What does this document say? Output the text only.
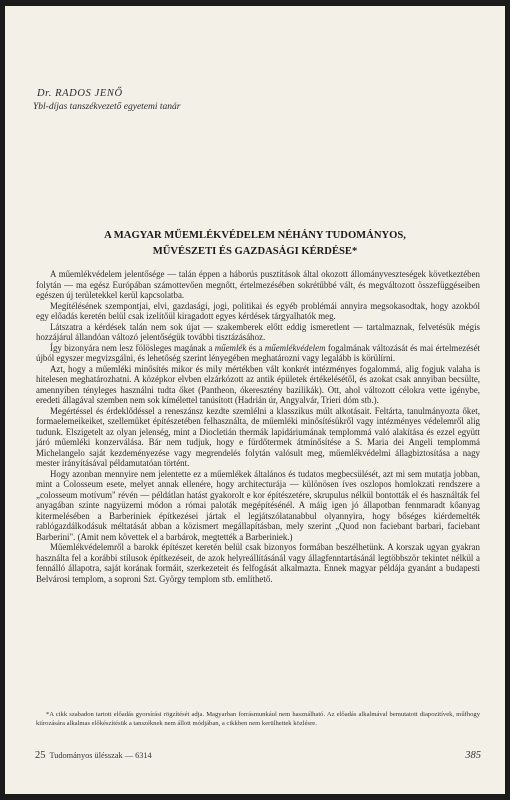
Dr. RADOS JENŐ
Ybl-díjas tanszékvezető egyetemi tanár
A MAGYAR MŰEMLÉKVÉDELEM NÉHÁNY TUDOMÁNYOS,
MŰVÉSZETI ÉS GAZDASÁGI KÉRDÉSE*

A műemlékvédelem jelentősége — talán éppen a háborús pusztítások által okozott állományveszteségek következtében folytán — ma egész Európában számottevően megnőtt, értelmezésében sokrétűbbé vált, és megváltozott összefüggéseiben egészen új területekkel kerül kapcsolatba.

Megítélésének szempontjai, elvi, gazdasági, jogi, politikai és egyéb problémái annyira megsokasodtak, hogy azokból egy előadás keretén belül csak izelítőül kiragadott egyes kérdések tárgyalhatók meg.

Látszatra a kérdések talán nem sok újat — szakemberek előtt eddig ismeretlent — tartalmaznak, felvetésük mégis hozzájárul állandóan változó jelentőségük további tisztázásához.

Így bizonyára nem lesz fölösleges magának a műemlék és a műemlékvédelem fogalmának változását és mai értelmezését újból egyszer megvizsgálni, és lehetőség szerint lényegében meghatározni vagy legalább is körülírni.

Azt, hogy a műemléki minősítés mikor és mily mértékben vált konkrét intézményes fogalommá, alig fogjuk valaha is hitelesen meghatározhatni. A középkor elvben elzárkózott az antik épületek értékelésétől, és azokat csak annyiban becsülte, amennyiben tényleges használni tudta őket (Pantheon, ókeresztény bazilikák). Ott, ahol változott célokra vette igénybe, eredeti állagával szemben nem sok kímélettel tanúsított (Hadrián úr, Angyalvár, Trieri dóm stb.).

Megértéssel és érdeklődéssel a reneszánsz kezdte szemlélni a klasszikus múlt alkotásait. Feltárta, tanulmányozta őket, formaelemeikeiket, szellemüket építészetében felhasználta, de műemléki minősítésükről vagy intézményes védelemről alig tudunk. Elszigetelt az olyan jelenség, mint a Diocletián thermák lapidáriumának templommá való alakítása és ezzel együtt járó műemléki konzerválása. Bár nem tudjuk, hogy e fürdőtermek átmínősítése a S. Maria dei Angeli templommá Michelangelo saját kezdeményezése vagy megrendelés folytán valósult meg, műemlékvédelmi állagbiztosítása a nagy mester irányításával példamutatóan történt.

Hogy azonban mennyire nem jelentette ez a műemlékek általános és tudatos megbecsülését, azt mi sem mutatja jobban, mint a Colosseum esete, melyet annak ellenére, hogy architecturája — különösen íves oszlopos homlokzati rendszere a „colosseum motívum" révén — példátlan hatást gyakorolt e kor építészetére, skrupulus nélkül bontották el és használták fel anyagában szinte nagyüzemi módon a római paloták megépítésénél. A máig igen jó állapotban fennmaradt kőanyag kitermelésében a Barberiniek építkezései jártak el legjátszólatanabbul olyannyira, hogy bőséges kiérdemelték rablógazdálkodásuk méltatását abban a közismert megállapításban, mely szerint „Quod non faciebant barbari, faciebant Barberini". (Amit nem követtek el a barbárok, megtették a Barberiniek.)

Műemlékvédelemről a barokk építészet keretén belül csak bizonyos formában beszélhetünk. A korszak ugyan gyakran használta fel a korábbi stílusok építkezéseit, de azok helyreállításánál vagy állagfenntartásánál legtöbbször tekintet nélkül a fennálló állapotra, saját korának formáit, szerkezeteit és felfogását alkalmazta. Ennek magyar példája gyanánt a budapesti Belvárosi templom, a soproni Szt. György templom stb. említhető.

*A cikk szabadon tartott előadás gyorsírási rögzítését adja. Magyarban forrásmunkául nem használható. Az előadás alkalmával bemutatott diapozitívek, műfhogy kiírozására alkalmas előkészítésük a tanszéknek nem állott módjában, a cikkben nem kerülhettek közlésre.

25 Tudományos ülésszak — 6314	385
